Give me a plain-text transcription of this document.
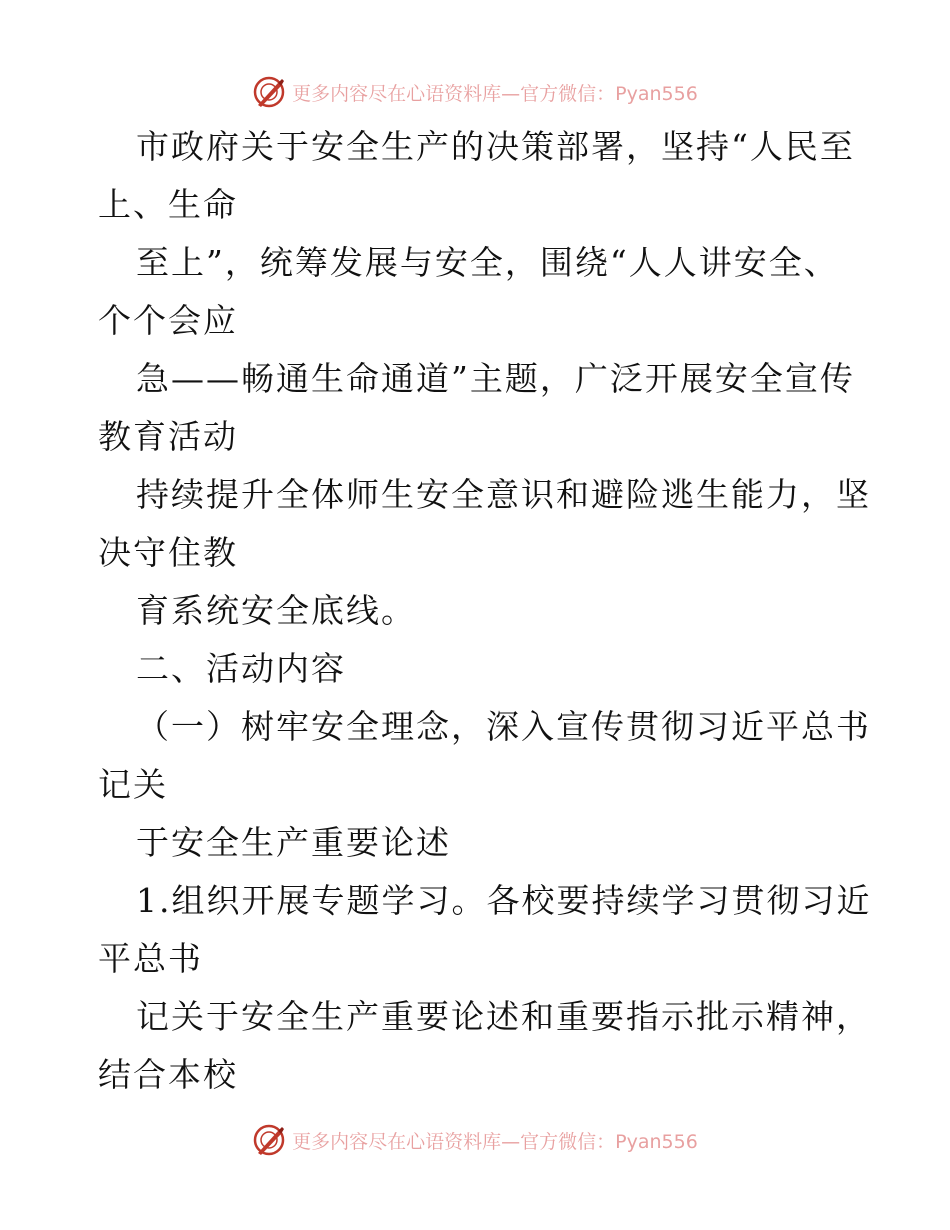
更多内容尽在心语资料库—官方微信：Pyan556
市政府关于安全生产的决策部署，坚持“人民至
上、生命
至上”，统筹发展与安全，围绕“人人讲安全、
个个会应
急——畅通生命通道”主题，广泛开展安全宣传
教育活动
持续提升全体师生安全意识和避险逃生能力，坚
决守住教
育系统安全底线。
二、活动内容
（一）树牢安全理念，深入宣传贯彻习近平总书
记关
于安全生产重要论述
1.组织开展专题学习。各校要持续学习贯彻习近
平总书
记关于安全生产重要论述和重要指示批示精神，
结合本校
更多内容尽在心语资料库—官方微信：Pyan556
